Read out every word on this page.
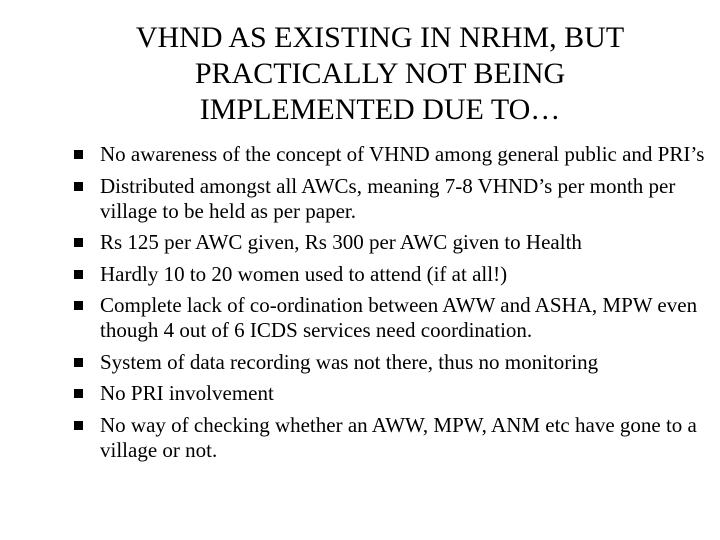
VHND AS EXISTING IN NRHM, BUT
PRACTICALLY NOT BEING
IMPLEMENTED DUE TO…
No awareness of the concept of VHND among general public and PRI’s
Distributed amongst all AWCs, meaning 7-8 VHND’s per month per village to be held as per paper.
Rs 125 per AWC given, Rs 300 per AWC given to Health
Hardly 10 to 20 women used to attend (if at all!)
Complete lack of co-ordination between AWW and ASHA, MPW even though 4 out of 6 ICDS services need coordination.
System of data recording was not there, thus no monitoring
No PRI involvement
No way of checking whether an AWW, MPW, ANM etc have gone to a village or not.
